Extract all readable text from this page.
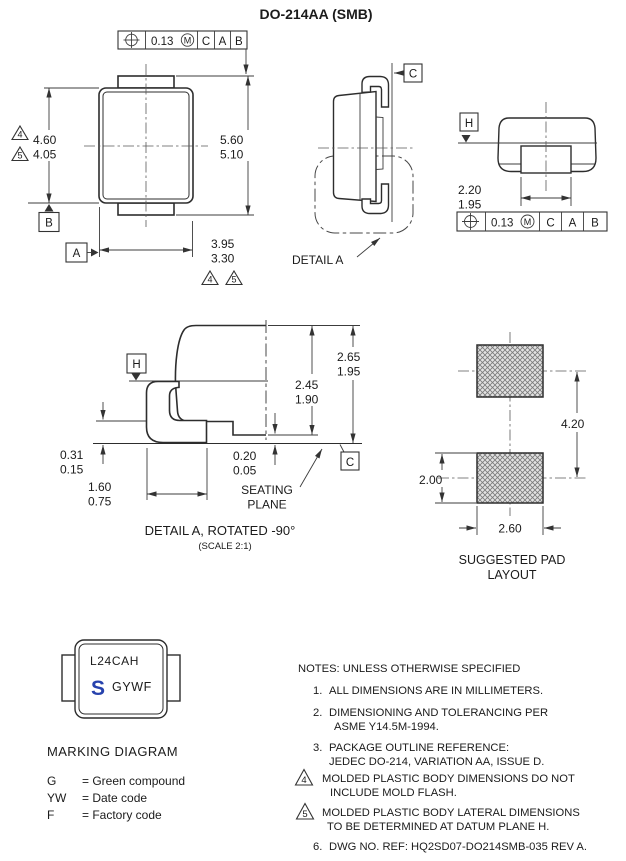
DO-214AA (SMB)
0.13 M C A B
4.60
4.05
4
5
B
5.60
5.10
3.95
3.30
A
4 5
C
DETAIL A
H
2.20
1.95
0.13 M C A B
H
2.65
1.95
2.45
1.90
0.20
0.05
0.31
0.15
1.60
0.75
SEATING
PLANE
C
DETAIL A, ROTATED -90°
(SCALE 2:1)
4.20
2.00
2.60
SUGGESTED PAD
LAYOUT
L24CAH
S GYWF
MARKING DIAGRAM
G = Green compound
YW = Date code
F = Factory code
NOTES: UNLESS OTHERWISE SPECIFIED
1. ALL DIMENSIONS ARE IN MILLIMETERS.
2. DIMENSIONING AND TOLERANCING PER
ASME Y14.5M-1994.
3. PACKAGE OUTLINE REFERENCE:
JEDEC DO-214, VARIATION AA, ISSUE D.
4 MOLDED PLASTIC BODY DIMENSIONS DO NOT
INCLUDE MOLD FLASH.
5 MOLDED PLASTIC BODY LATERAL DIMENSIONS
TO BE DETERMINED AT DATUM PLANE H.
6. DWG NO. REF: HQ2SD07-DO214SMB-035 REV A.
